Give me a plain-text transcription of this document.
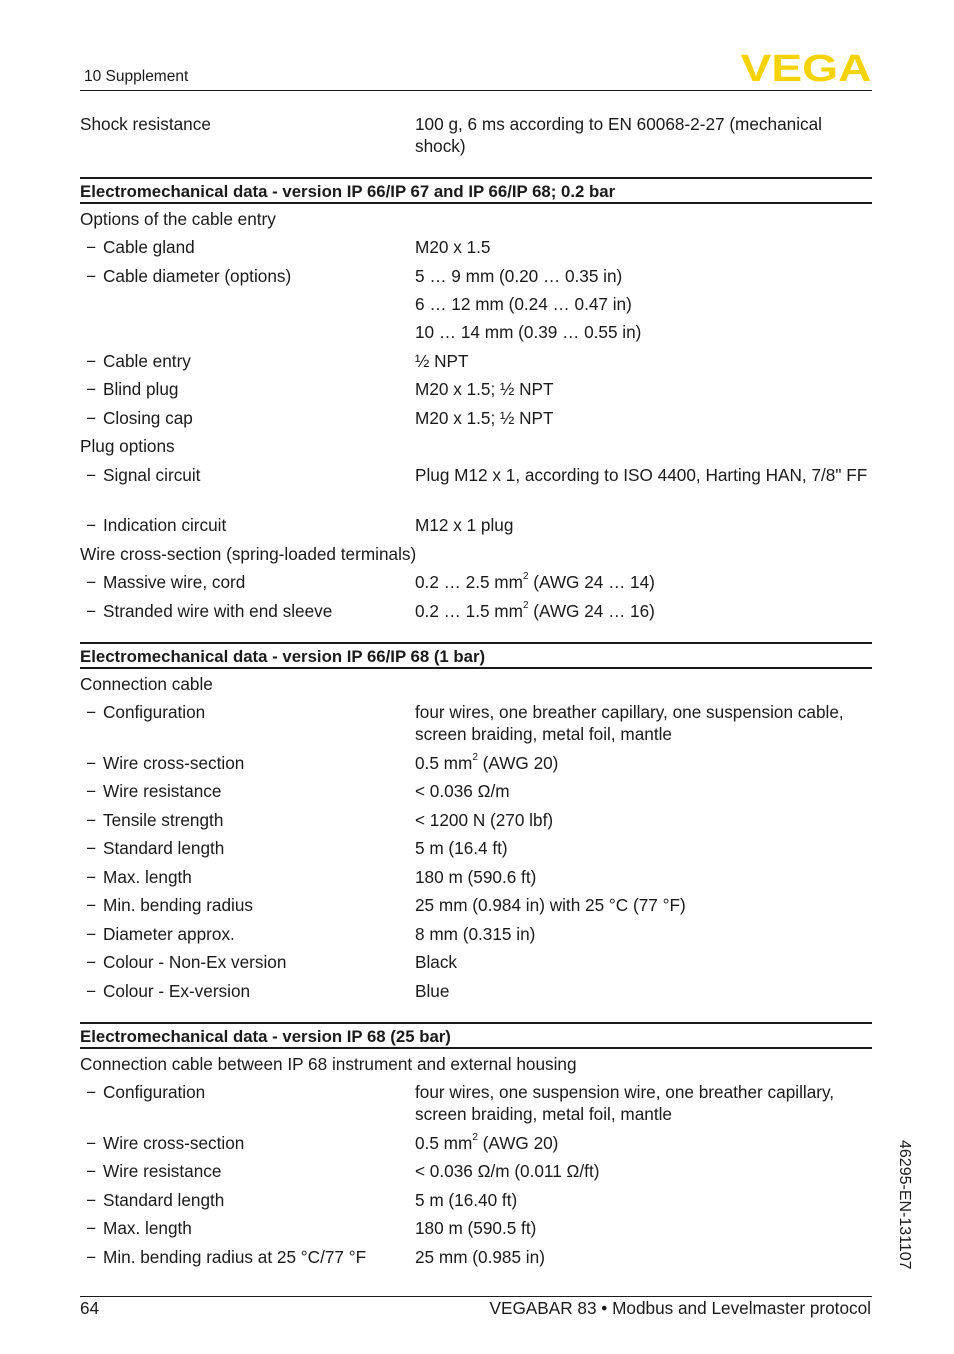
10 Supplement	VEGA
Shock resistance	100 g, 6 ms according to EN 60068-2-27 (mechanical shock)
Electromechanical data - version IP 66/IP 67 and IP 66/IP 68; 0.2 bar
Options of the cable entry
− Cable gland	M20 x 1.5
− Cable diameter (options)	5 … 9 mm (0.20 … 0.35 in)
6 … 12 mm (0.24 … 0.47 in)
10 … 14 mm (0.39 … 0.55 in)
− Cable entry	½ NPT
− Blind plug	M20 x 1.5; ½ NPT
− Closing cap	M20 x 1.5; ½ NPT
Plug options
− Signal circuit	Plug M12 x 1, according to ISO 4400, Harting HAN, 7/8" FF
− Indication circuit	M12 x 1 plug
Wire cross-section (spring-loaded terminals)
− Massive wire, cord	0.2 … 2.5 $mm^2$ (AWG 24 … 14)
− Stranded wire with end sleeve	0.2 … 1.5 $mm^2$ (AWG 24 … 16)
Electromechanical data - version IP 66/IP 68 (1 bar)
Connection cable
− Configuration	four wires, one breather capillary, one suspension cable, screen braiding, metal foil, mantle
− Wire cross-section	0.5 $mm^2$ (AWG 20)
− Wire resistance	< 0.036 Ω/m
− Tensile strength	< 1200 N (270 lbf)
− Standard length	5 m (16.4 ft)
− Max. length	180 m (590.6 ft)
− Min. bending radius	25 mm (0.984 in) with 25 °C (77 °F)
− Diameter approx.	8 mm (0.315 in)
− Colour - Non-Ex version	Black
− Colour - Ex-version	Blue
Electromechanical data - version IP 68 (25 bar)
Connection cable between IP 68 instrument and external housing
− Configuration	four wires, one suspension wire, one breather capillary, screen braiding, metal foil, mantle
− Wire cross-section	0.5 $mm^2$ (AWG 20)
− Wire resistance	< 0.036 Ω/m (0.011 Ω/ft)
− Standard length	5 m (16.40 ft)
− Max. length	180 m (590.5 ft)
− Min. bending radius at 25 °C/77 °F	25 mm (0.985 in)	46295-EN-131107
64	VEGABAR 83 • Modbus and Levelmaster protocol
